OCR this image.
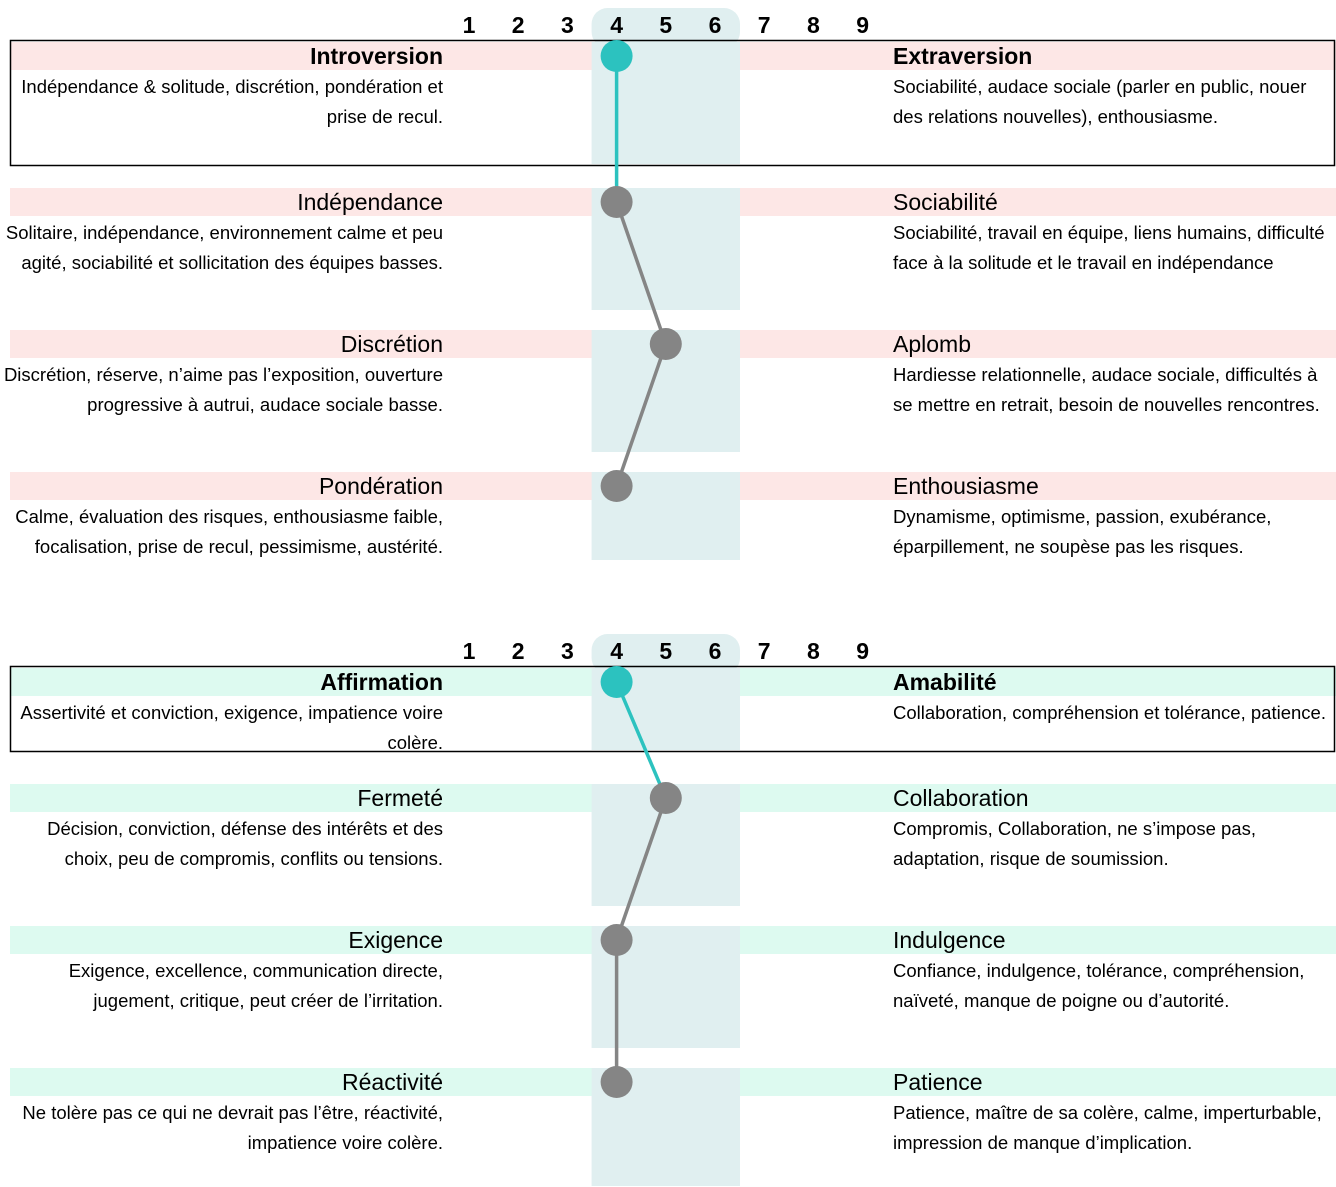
1 2 3 4 5 6 7 8 9
Introversion	Extraversion
Indépendance & solitude, discrétion, pondération et prise de recul.
Sociabilité, audace sociale (parler en public, nouer des relations nouvelles), enthousiasme.
Indépendance	Sociabilité
Solitaire, indépendance, environnement calme et peu agité, sociabilité et sollicitation des équipes basses.
Sociabilité, travail en équipe, liens humains, difficulté face à la solitude et le travail en indépendance
Discrétion	Aplomb
Discrétion, réserve, n’aime pas l’exposition, ouverture progressive à autrui, audace sociale basse.
Hardiesse relationnelle, audace sociale, difficultés à se mettre en retrait, besoin de nouvelles rencontres.
Pondération	Enthousiasme
Calme, évaluation des risques, enthousiasme faible, focalisation, prise de recul, pessimisme, austérité.
Dynamisme, optimisme, passion, exubérance, éparpillement, ne soupèse pas les risques.
1 2 3 4 5 6 7 8 9
Affirmation	Amabilité
Assertivité et conviction, exigence, impatience voire colère.
Collaboration, compréhension et tolérance, patience.
Fermeté	Collaboration
Décision, conviction, défense des intérêts et des choix, peu de compromis, conflits ou tensions.
Compromis, Collaboration, ne s’impose pas, adaptation, risque de soumission.
Exigence	Indulgence
Exigence, excellence, communication directe, jugement, critique, peut créer de l’irritation.
Confiance, indulgence, tolérance, compréhension, naïveté, manque de poigne ou d’autorité.
Réactivité	Patience
Ne tolère pas ce qui ne devrait pas l’être, réactivité, impatience voire colère.
Patience, maître de sa colère, calme, imperturbable, impression de manque d’implication.
